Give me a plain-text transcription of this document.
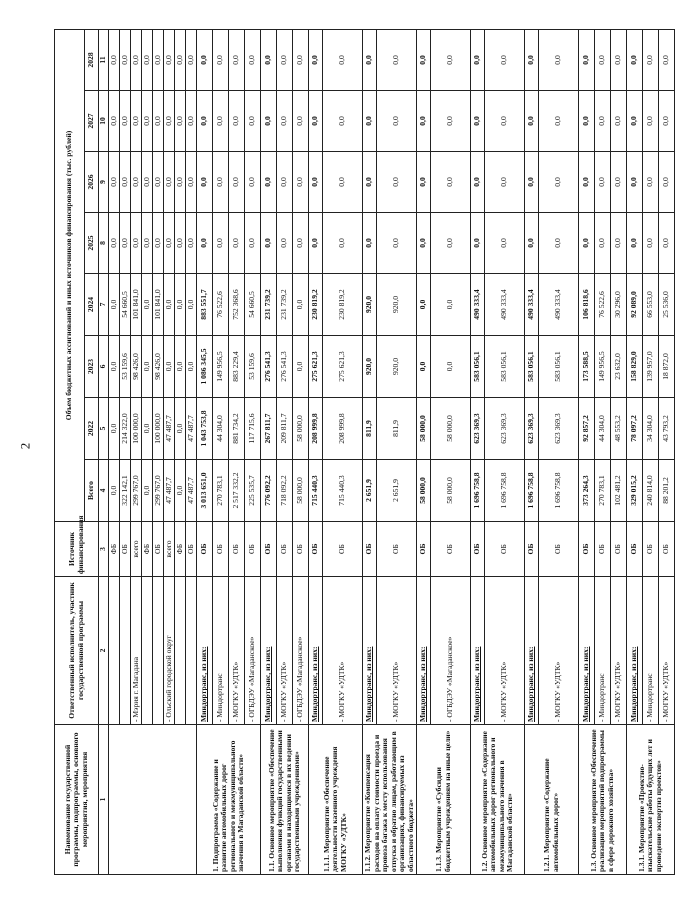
2
Наименование государственной программы, подпрограммы, основного мероприятия, мероприятия	Ответственный исполнитель, участник государственной программы	Источник финансирования	Объем бюджетных ассигнований и иных источников финансирования (тыс. рублей)							
			Всего	2022	2023	2024	2025	2026	2027	2028
1	2	3	4	5	6	7	8	9	10	11
		ФБ	0,0	0,0	0,0	0,0	0,0	0,0	0,0	0,0
		ОБ	322 142,1	214 322,0	53 159,6	54 660,5	0,0	0,0	0,0	0,0
	- Мэрия г. Магадана	всего	299 767,0	100 000,0	98 426,0	101 841,0	0,0	0,0	0,0	0,0
		ФБ	0,0	0,0	0,0	0,0	0,0	0,0	0,0	0,0
		ОБ	299 767,0	100 000,0	98 426,0	101 841,0	0,0	0,0	0,0	0,0
	- Ольский городской округ	всего	47 487,7	47 487,7	0,0	0,0	0,0	0,0	0,0	0,0
		ФБ	0,0	0,0	0,0	0,0	0,0	0,0	0,0	0,0
		ОБ	47 487,7	47 487,7	0,0	0,0	0,0	0,0	0,0	0,0
1. Подпрограмма «Содержание и развитие автомобильных дорог регионального и межмуниципального значения в Магаданской области»	Миндортранс, из них:	ОБ	3 013 651,0	1 043 753,8	1 086 345,5	883 551,7	0,0	0,0	0,0	0,0
	- Миндортранс	ОБ	270 783,1	44 304,0	149 956,5	76 522,6	0,0	0,0	0,0	0,0
	- МОГКУ «УДТК»	ОБ	2 517 332,2	881 734,2	883 229,4	752 368,6	0,0	0,0	0,0	0,0
	- ОГБДЭУ «Магаданское»	ОБ	225 535,7	117 715,6	53 159,6	54 660,5	0,0	0,0	0,0	0,0
1.1. Основное мероприятие «Обеспечение выполнения функций государственными органами и находящимися в их ведении государственными учреждениями»	Миндортранс, из них:	ОБ	776 092,2	267 811,7	276 541,3	231 739,2	0,0	0,0	0,0	0,0
	- МОГКУ «УДТК»	ОБ	718 092,2	209 811,7	276 541,3	231 739,2	0,0	0,0	0,0	0,0
	- ОГБДЭУ «Магаданское»	ОБ	58 000,0	58 000,0	0,0	0,0	0,0	0,0	0,0	0,0
1.1.1. Мероприятие «Обеспечение деятельности казенного учреждения МОГКУ «УДТК»	Миндортранс, из них:	ОБ	715 440,3	208 999,8	275 621,3	230 819,2	0,0	0,0	0,0	0,0
	- МОГКУ «УДТК»	ОБ	715 440,3	208 999,8	275 621,3	230 819,2	0,0	0,0	0,0	0,0
1.1.2. Мероприятие «Компенсация расходов на оплату стоимости проезда и провоза багажа к месту использования отпуска и обратно лицам, работающим в организациях, финансируемых из областного бюджета»	Миндортранс, из них:	ОБ	2 651,9	811,9	920,0	920,0	0,0	0,0	0,0	0,0
	- МОГКУ «УДТК»	ОБ	2 651,9	811,9	920,0	920,0	0,0	0,0	0,0	0,0
1.1.3. Мероприятие «Субсидии бюджетным учреждениям на иные цели»	Миндортранс, из них:	ОБ	58 000,0	58 000,0	0,0	0,0	0,0	0,0	0,0	0,0
	- ОГБДЭУ «Магаданское»	ОБ	58 000,0	58 000,0	0,0	0,0	0,0	0,0	0,0	0,0
1.2. Основное мероприятие «Содержание автомобильных дорог регионального и межмуниципального значения в Магаданской области»	Миндортранс, из них:	ОБ	1 696 758,8	623 369,3	583 056,1	490 333,4	0,0	0,0	0,0	0,0
	- МОГКУ «УДТК»	ОБ	1 696 758,8	623 369,3	583 056,1	490 333,4	0,0	0,0	0,0	0,0
1.2.1. Мероприятие «Содержание автомобильных дорог»	Миндортранс, из них:	ОБ	1 696 758,8	623 369,3	583 056,1	490 333,4	0,0	0,0	0,0	0,0
	- МОГКУ «УДТК»	ОБ	1 696 758,8	623 369,3	583 056,1	490 333,4	0,0	0,0	0,0	0,0
1.3. Основное мероприятие «Обеспечение реализации мероприятий подпрограммы в сфере дорожного хозяйства»	Миндортранс, из них:	ОБ	373 264,3	92 857,2	173 588,5	106 818,6	0,0	0,0	0,0	0,0
	- Миндортранс	ОБ	270 783,1	44 304,0	149 956,5	76 522,6	0,0	0,0	0,0	0,0
	- МОГКУ «УДТК»	ОБ	102 481,2	48 553,2	23 632,0	30 296,0	0,0	0,0	0,0	0,0
1.3.1. Мероприятие «Проектно-изыскательские работы будущих лет и проведение экспертиз проектов»	Миндортранс, из них:	ОБ	329 015,2	78 097,2	158 829,0	92 089,0	0,0	0,0	0,0	0,0
	- Миндортранс	ОБ	240 814,0	34 304,0	139 957,0	66 553,0	0,0	0,0	0,0	0,0
	- МОГКУ «УДТК»	ОБ	88 201,2	43 793,2	18 872,0	25 536,0	0,0	0,0	0,0	0,0
